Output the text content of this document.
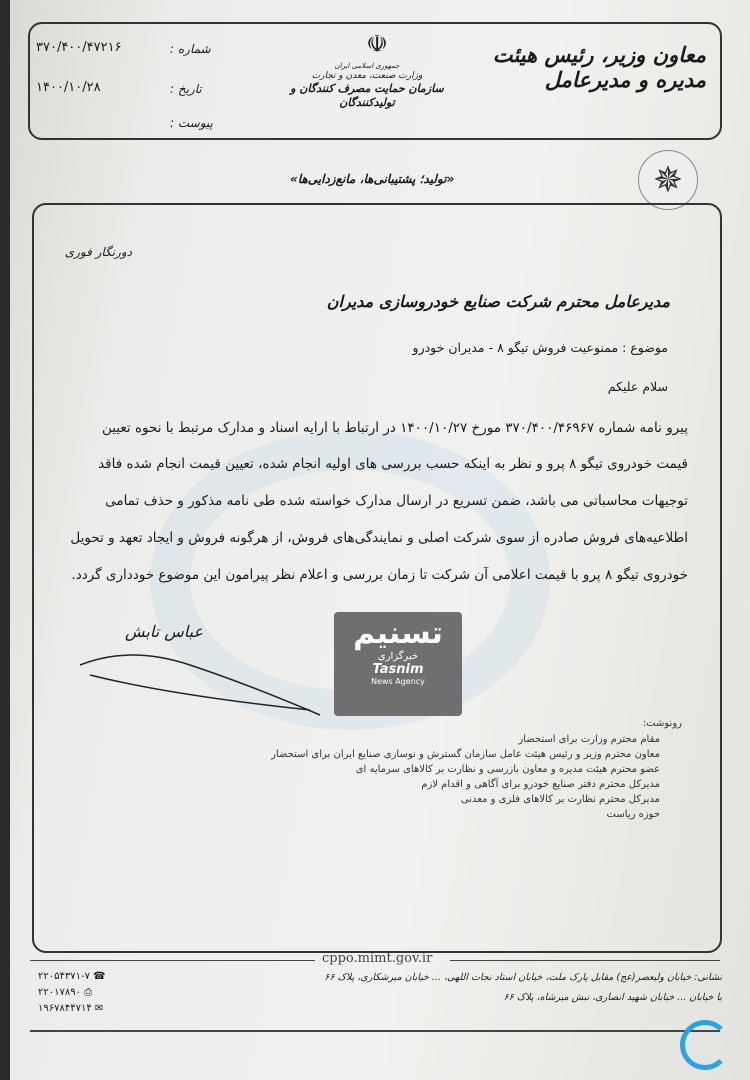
معاون وزیر، رئیس هیئت مدیره و مدیرعامل
☫
جمهوری اسلامی ایران
وزارت صنعت، معدن و تجارت
سازمان حمایت مصرف کنندگان و تولیدکنندگان
شماره :
۳۷۰/۴۰۰/۴۷۲۱۶
تاریخ :
۱۴۰۰/۱۰/۲۸
پیوست :
«تولید؛ پشتیبانی‌ها، مانع‌زدایی‌ها»	✵
دورنگار فوری
مدیرعامل محترم شرکت صنایع خودروسازی مدیران
موضوع : ممنوعیت فروش تیگو ۸ - مدیران خودرو
سلام علیکم

پیرو نامه شماره ۳۷۰/۴۰۰/۴۶۹۶۷ مورخ ۱۴۰۰/۱۰/۲۷ در ارتباط با ارایه اسناد و مدارک مرتبط با نحوه تعیین

قیمت خودروی تیگو ۸ پرو و نظر به اینکه حسب بررسی های اولیه انجام شده، تعیین قیمت انجام شده فاقد

توجیهات محاسباتی می باشد، ضمن تسریع در ارسال مدارک خواسته شده طی نامه مذکور و حذف تمامی

اطلاعیه‌های فروش صادره از سوی شرکت اصلی و نمایندگی‌های فروش، از هرگونه فروش و ایجاد تعهد و تحویل

خودروی تیگو ۸ پرو با قیمت اعلامی آن شرکت تا زمان بررسی و اعلام نظر پیرامون این موضوع خودداری گردد.

عباس تابش	تسنیم
خبرگزاری
Tasnim
News Agency
رونوشت:
مقام محترم وزارت برای استحضار
معاون محترم وزیر و رئیس هیئت عامل سازمان گسترش و نوسازی صنایع ایران برای استحضار
عضو محترم هیئت مدیره و معاون بازرسی و نظارت بر کالاهای سرمایه ای
مدیرکل محترم دفتر صنایع خودرو برای آگاهی و اقدام لازم
مدیرکل محترم نظارت بر کالاهای فلزی و معدنی
حوزه ریاست
cppo.mimt.gov.ir
نشانی: خیابان ولیعصر(عج) مقابل پارک ملت، خیابان استاد نجات اللهی، ... خیابان میرشکاری، پلاک ۶۶
یا خیابان ... خیابان شهید انصاری، نبش میرشاه، پلاک ۶۶
۲۲۰۵۴۳۷۱-۷ ☎
۲۲۰۱۷۸۹۰ ⎙
۱۹۶۷۸۴۴۷۱۴ ✉
